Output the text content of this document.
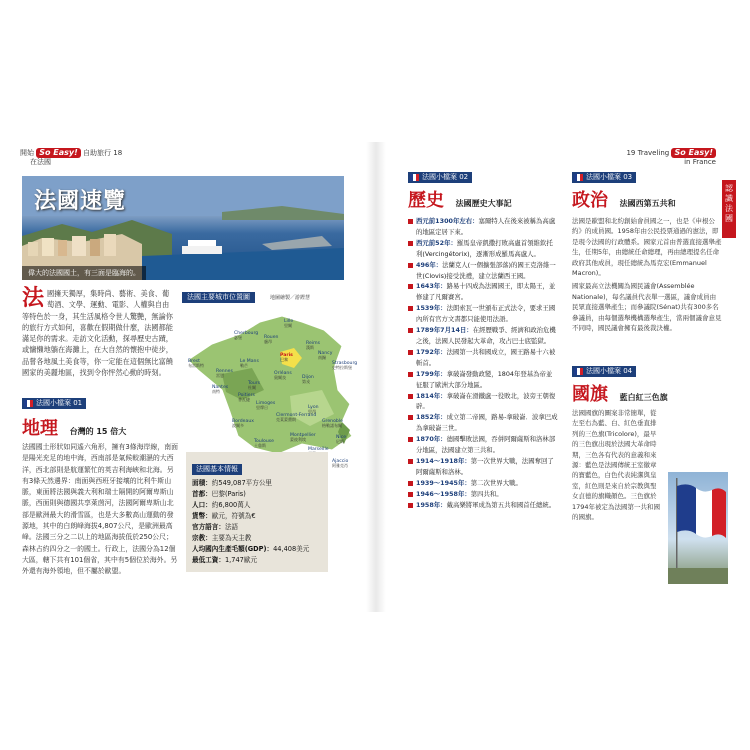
開始 So Easy! 自助旅行 18
在法國
法國速覽
偉大的法國國土，有三面是臨海的。
法 國擁天獨厚，集時尚、藝術、美食、葡萄酒、文學、運動、電影、人權與自由等特色於一身，其生活風格令世人驚艷，無論你的旅行方式如何，喜歡在假期做什麼，法國都能滿足你的需求。走訪文化活動，探尋歷史古蹟，或慵懶地躺在海灘上，在大自然的懷抱中徒步，品嘗各地風土美食等，你一定能在這個無比富饒國家的美麗地區，找到令你怦然心動的時刻。
法國小檔案 01
地理 台灣的 15 倍大
法國國土形狀如同遙六角形，擁有3條海岸線，南面是陽光充足的地中海，西南部是氣候較潮濕的大西洋，西北部則是航運繁忙的英吉利海峽和北海。另有3條天然邊界：南面與西班牙接壤的比利牛斯山脈，東面將法國與義大利和瑞士隔開的阿爾卑斯山脈，西面則與德國共享萊茵河，法國阿爾卑斯山北部是歐洲最大的滑雪區，也是大多數高山運動的發源地，其中的白朗峰海拔4,807公尺，是歐洲最高峰。法國三分之二以上的地區海拔低於250公尺；森林占約四分之一的國土。行政上，法國分為12個大區，轄下共有101個省，其中有5個位於海外。另外還有海外領地，但不屬於歐盟。
法國主要城市位置圖	地圖繪製／游鏗慧
Cherbourg
Rouen
Lille
Brest
Rennes
Le Mans
Paris
Reims
Strasbourg
Nancy
Nantes
Tours
Orléans
Dijon
Poitiers
Limoges
Clermont-Ferrand
Lyon
Grenoble
Bordeaux
Toulouse
Montpellier
Marseille
Nice
Ajaccio
瑟堡
盧昂
里爾
布雷斯特
雷恩
勒芒
巴黎
漢斯
史特拉斯堡
南錫
南特
杜爾
奧爾良
第戎
普瓦捷
里摩日
克萊蒙費朗
里昂
格勒諾布爾
波爾多
土魯斯
蒙彼利埃	尼斯
阿雅克肖
法國基本情報
面積：約549,087平方公里
首都：巴黎(Paris)
人口：約6,800萬人
貨幣：歐元，符號為€
官方語言：法語
宗教：主要為天主教
人均國內生產毛額(GDP)：44,408美元
最低工資：1,747歐元
19 Traveling So Easy!
in France
認識法國
法國小檔案 02
歷史 法國歷史大事記
西元前1300年左右：塞爾特人在後來被稱為高盧的地區定居下來。
西元前52年：羅馬皇帝凱撒打敗高盧首領維欽托利(Vercingétorix)，逐漸形成羅馬高盧人。
496年：法蘭克人(一個擴張部落)的國王克洛維一世(Clovis)接受洗禮，建立法蘭西王國。
1643年：路易十四成為法國國王，即太陽王，並修建了凡爾賽宮。
1539年：法朗索瓦一世頒布正式法令，要求王國內所有官方文書都只能使用法語。
1789年7月14日：在經歷戰爭、經濟和政治危機之後，法國人民發起大革命，攻占巴士底監獄。
1792年：法國第一共和國成立，國王路易十六被斬首。
1799年：拿破崙發動政變，1804年登基為帝並征服了歐洲大部分地區。
1814年：拿破崙在滑鐵盧一役敗北，波旁王朝復辟。
1852年：成立第二帝國，路易-拿破崙．波拿巴成為拿破崙三世。
1870年：德國擊敗法國，吞併阿爾薩斯和洛林部分地區，法國建立第三共和。
1914～1918年：第一次世界大戰，法國奪回了阿爾薩斯和洛林。
1939～1945年：第二次世界大戰。
1946～1958年：第四共和。
1958年：戴高樂將軍成為第五共和國首任總統。
法國小檔案 03
政治 法國西第五共和
法國是歐盟和北約創始會員國之一，也是《申根公約》的成員國。1958年由公民投票通過的憲法，即是現今法國的行政體系。國家元首由普選直接選舉產生，任期5年，由總統任命總理，再由總理提名任命政府其他成員，現任總統為馬克宏(Emmanuel Macron)。
國家最高立法機關為國民議會(Assemblée Nationale)，每名議員代表單一選區，議會成員由民眾直接選舉產生；而參議院(Sénat)共有300多名參議員，由每個選舉機構選舉產生，當兩個議會意見不同時，國民議會擁有最後裁決權。
法國小檔案 04
國旗 藍白紅三色旗
法國國旗的圖案非常簡單，從左至右為藍、白、紅色垂直排列的三色旗(Tricolore)，最早的三色旗出現於法國大革命時期，三色各有代表的意義和來源：藍色是法國傳統王室徽章的寶藍色，白色代表純潔與皇室，紅色則是來自於宗教與聖女貞德的旗幟顏色。三色旗於1794年被定為法國第一共和國的國旗。
